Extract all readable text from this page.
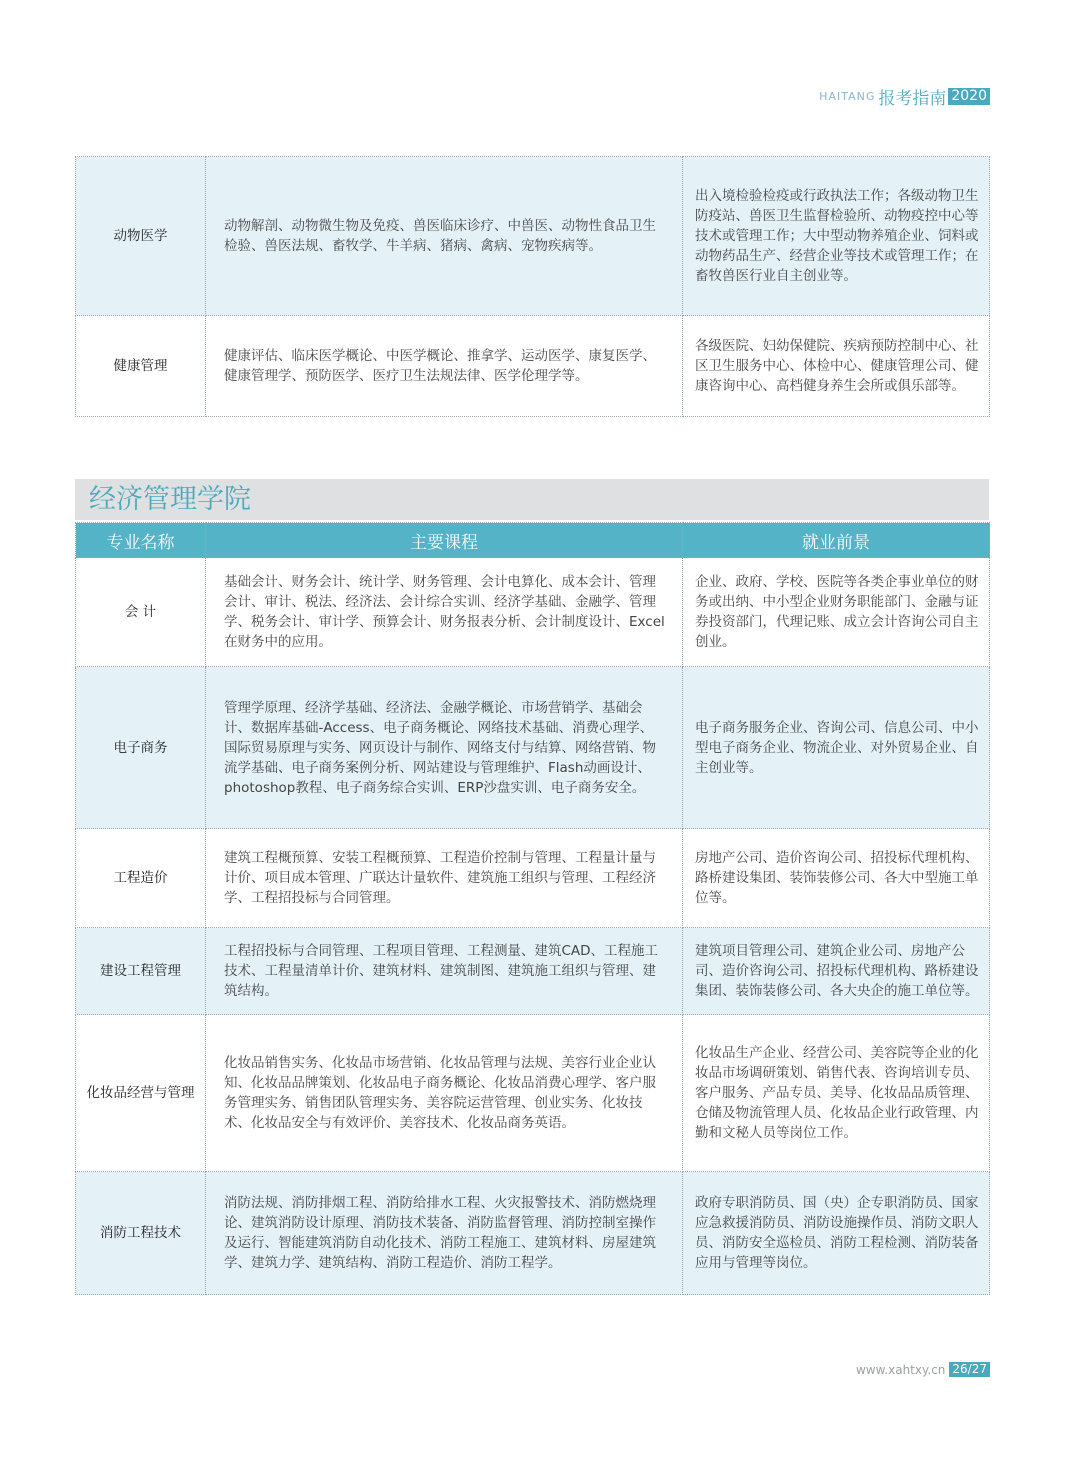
HAITANG 报考指南 2020
动物医学	动物解剖、动物微生物及免疫、兽医临床诊疗、中兽医、动物性食品卫生检验、兽医法规、畜牧学、牛羊病、猪病、禽病、宠物疾病等。	出入境检验检疫或行政执法工作；各级动物卫生防疫站、兽医卫生监督检验所、动物疫控中心等技术或管理工作；大中型动物养殖企业、饲料或动物药品生产、经营企业等技术或管理工作；在畜牧兽医行业自主创业等。
健康管理	健康评估、临床医学概论、中医学概论、推拿学、运动医学、康复医学、健康管理学、预防医学、医疗卫生法规法律、医学伦理学等。	各级医院、妇幼保健院、疾病预防控制中心、社区卫生服务中心、体检中心、健康管理公司、健康咨询中心、高档健身养生会所或俱乐部等。
经济管理学院
专业名称	主要课程	就业前景
会 计	基础会计、财务会计、统计学、财务管理、会计电算化、成本会计、管理会计、审计、税法、经济法、会计综合实训、经济学基础、金融学、管理学、税务会计、审计学、预算会计、财务报表分析、会计制度设计、Excel在财务中的应用。	企业、政府、学校、医院等各类企事业单位的财务或出纳、中小型企业财务职能部门、金融与证券投资部门，代理记账、成立会计咨询公司自主创业。
电子商务	管理学原理、经济学基础、经济法、金融学概论、市场营销学、基础会计、数据库基础-Access、电子商务概论、网络技术基础、消费心理学、国际贸易原理与实务、网页设计与制作、网络支付与结算、网络营销、物流学基础、电子商务案例分析、网站建设与管理维护、Flash动画设计、photoshop教程、电子商务综合实训、ERP沙盘实训、电子商务安全。	电子商务服务企业、咨询公司、信息公司、中小型电子商务企业、物流企业、对外贸易企业、自主创业等。
工程造价	建筑工程概预算、安装工程概预算、工程造价控制与管理、工程量计量与计价、项目成本管理、广联达计量软件、建筑施工组织与管理、工程经济学、工程招投标与合同管理。	房地产公司、造价咨询公司、招投标代理机构、路桥建设集团、装饰装修公司、各大中型施工单位等。
建设工程管理	工程招投标与合同管理、工程项目管理、工程测量、建筑CAD、工程施工技术、工程量清单计价、建筑材料、建筑制图、建筑施工组织与管理、建筑结构。	建筑项目管理公司、建筑企业公司、房地产公司、造价咨询公司、招投标代理机构、路桥建设集团、装饰装修公司、各大央企的施工单位等。
化妆品经营与管理	化妆品销售实务、化妆品市场营销、化妆品管理与法规、美容行业企业认知、化妆品品牌策划、化妆品电子商务概论、化妆品消费心理学、客户服务管理实务、销售团队管理实务、美容院运营管理、创业实务、化妆技术、化妆品安全与有效评价、美容技术、化妆品商务英语。	化妆品生产企业、经营公司、美容院等企业的化妆品市场调研策划、销售代表、咨询培训专员、客户服务、产品专员、美导、化妆品品质管理、仓储及物流管理人员、化妆品企业行政管理、内勤和文秘人员等岗位工作。
消防工程技术	消防法规、消防排烟工程、消防给排水工程、火灾报警技术、消防燃烧理论、建筑消防设计原理、消防技术装备、消防监督管理、消防控制室操作及运行、智能建筑消防自动化技术、消防工程施工、建筑材料、房屋建筑学、建筑力学、建筑结构、消防工程造价、消防工程学。	政府专职消防员、国（央）企专职消防员、国家应急救援消防员、消防设施操作员、消防文职人员、消防安全巡检员、消防工程检测、消防装备应用与管理等岗位。
www.xahtxy.cn 26/27
